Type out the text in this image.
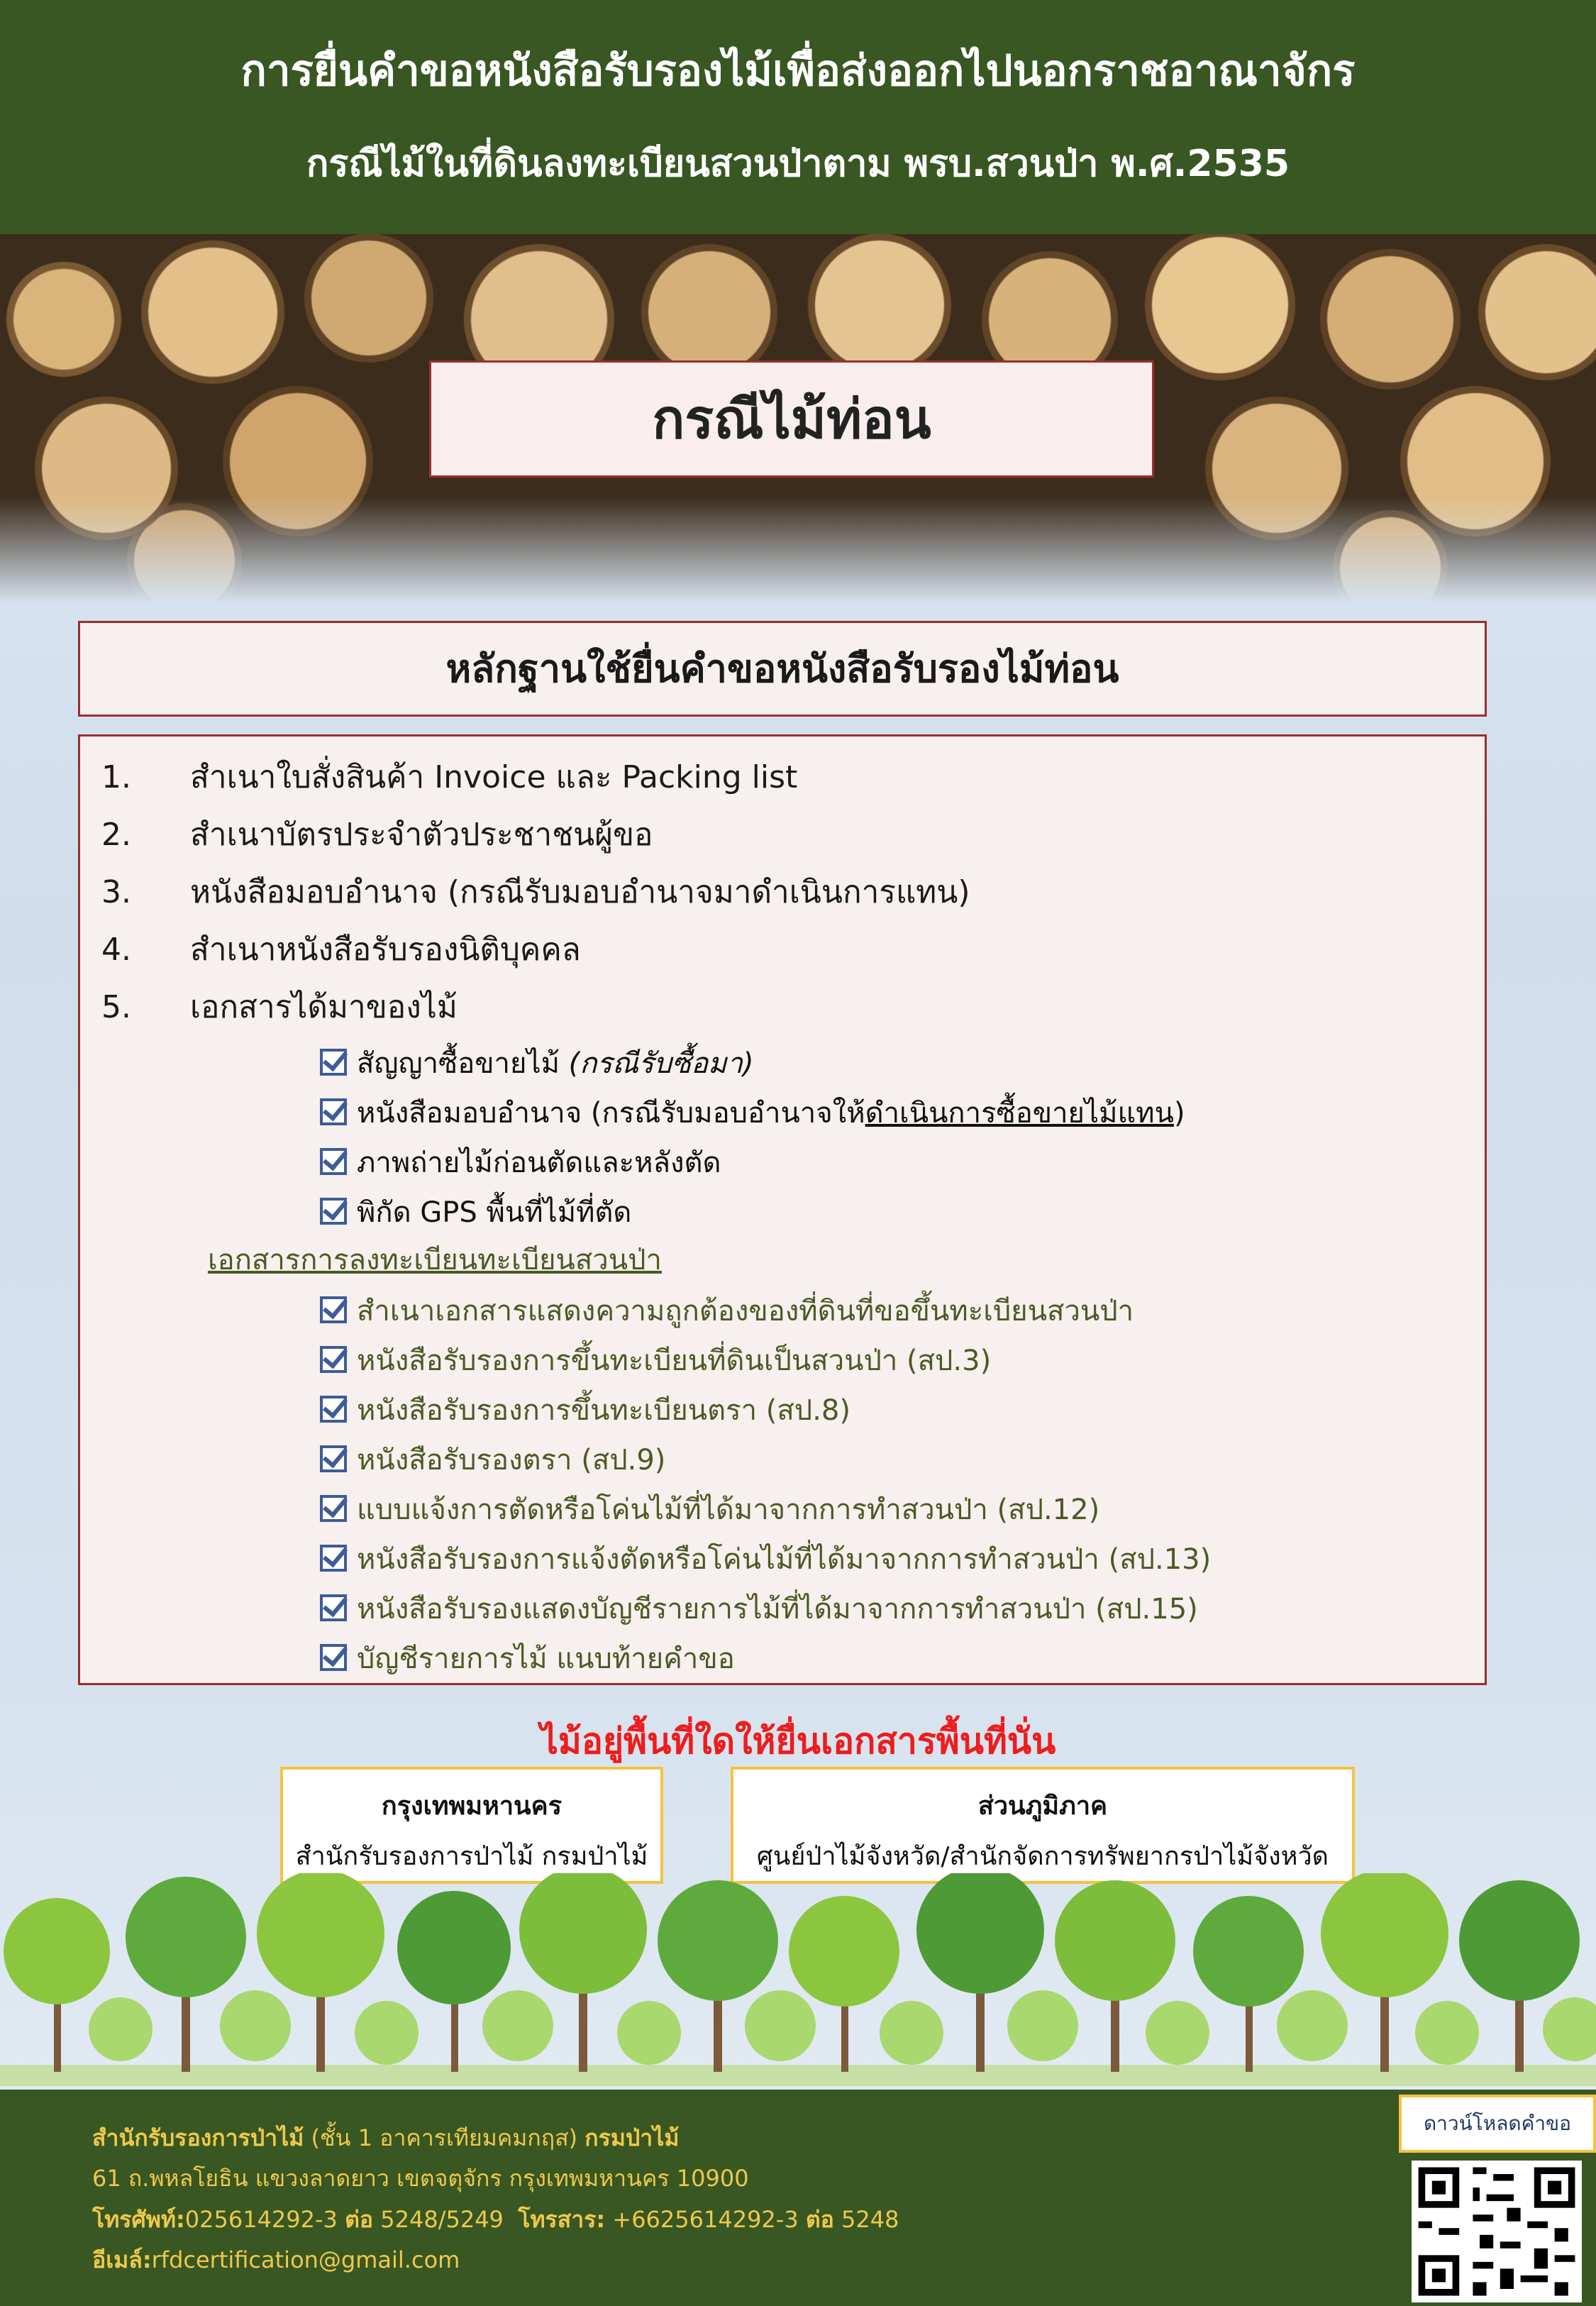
การยื่นคำขอหนังสือรับรองไม้เพื่อส่งออกไปนอกราชอาณาจักร
กรณีไม้ในที่ดินลงทะเบียนสวนป่าตาม พรบ.สวนป่า พ.ศ.2535
กรณีไม้ท่อน
หลักฐานใช้ยื่นคำขอหนังสือรับรองไม้ท่อน
1. สำเนาใบสั่งสินค้า Invoice และ Packing list
2. สำเนาบัตรประจำตัวประชาชนผู้ขอ
3. หนังสือมอบอำนาจ (กรณีรับมอบอำนาจมาดำเนินการแทน)
4. สำเนาหนังสือรับรองนิติบุคคล
5. เอกสารได้มาของไม้
สัญญาซื้อขายไม้ (กรณีรับซื้อมา)
หนังสือมอบอำนาจ (กรณีรับมอบอำนาจให้ดำเนินการซื้อขายไม้แทน)
ภาพถ่ายไม้ก่อนตัดและหลังตัด
พิกัด GPS พื้นที่ไม้ที่ตัด
เอกสารการลงทะเบียนทะเบียนสวนป่า
สำเนาเอกสารแสดงความถูกต้องของที่ดินที่ขอขึ้นทะเบียนสวนป่า
หนังสือรับรองการขึ้นทะเบียนที่ดินเป็นสวนป่า (สป.3)
หนังสือรับรองการขึ้นทะเบียนตรา (สป.8)
หนังสือรับรองตรา (สป.9)
แบบแจ้งการตัดหรือโค่นไม้ที่ได้มาจากการทำสวนป่า (สป.12)
หนังสือรับรองการแจ้งตัดหรือโค่นไม้ที่ได้มาจากการทำสวนป่า (สป.13)
หนังสือรับรองแสดงบัญชีรายการไม้ที่ได้มาจากการทำสวนป่า (สป.15)
บัญชีรายการไม้ แนบท้ายคำขอ
ไม้อยู่พื้นที่ใดให้ยื่นเอกสารพื้นที่นั่น
กรุงเทพมหานคร
สำนักรับรองการป่าไม้ กรมป่าไม้
ส่วนภูมิภาค
ศูนย์ป่าไม้จังหวัด/สำนักจัดการทรัพยากรป่าไม้จังหวัด
สำนักรับรองการป่าไม้ (ชั้น 1 อาคารเทียมคมกฤส) กรมป่าไม้
61 ถ.พหลโยธิน แขวงลาดยาว เขตจตุจักร กรุงเทพมหานคร 10900
โทรศัพท์:025614292-3 ต่อ 5248/5249 โทรสาร: +6625614292-3 ต่อ 5248
อีเมล์:rfdcertification@gmail.com
ดาวน์โหลดคำขอ
